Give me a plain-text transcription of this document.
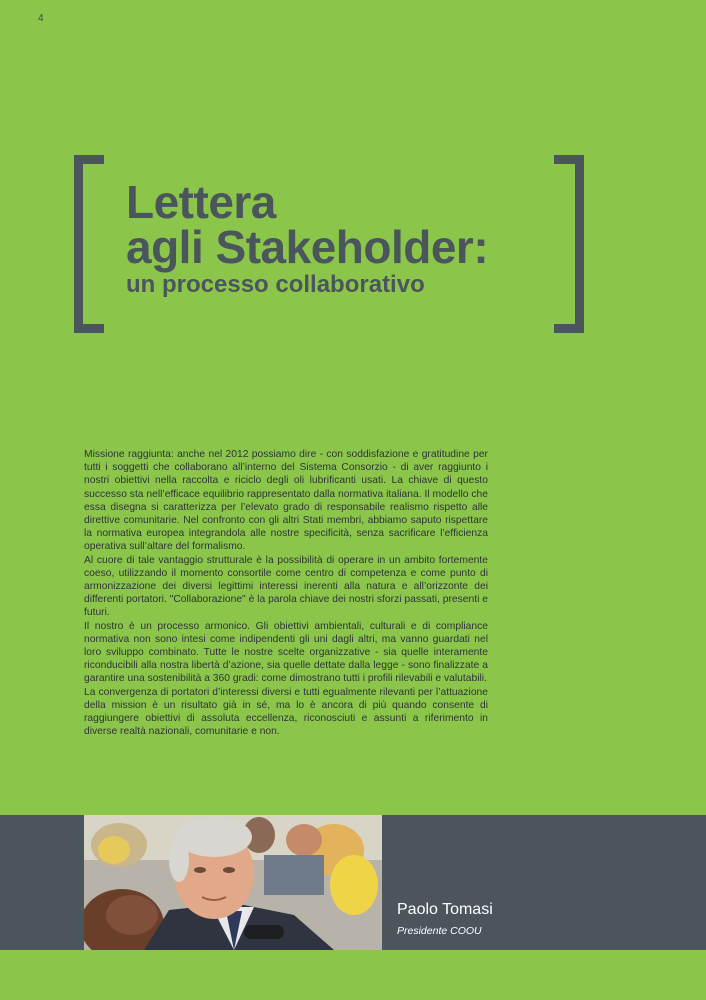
4
Lettera
agli Stakeholder:
un processo collaborativo

Missione raggiunta: anche nel 2012 possiamo dire - con soddisfazione e gratitudine per tutti i soggetti che collaborano all’interno del Sistema Consorzio - di aver raggiunto i nostri obiettivi nella raccolta e riciclo degli oli lubrificanti usati. La chiave di questo successo sta nell’efficace equilibrio rappresentato dalla normativa italiana. Il modello che essa disegna si caratterizza per l’elevato grado di responsabile realismo rispetto alle direttive comunitarie. Nel confronto con gli altri Stati membri, abbiamo saputo rispettare la normativa europea integrandola alle nostre specificità, senza sacrificare l’efficienza operativa sull’altare del formalismo.

Al cuore di tale vantaggio strutturale è la possibilità di operare in un ambito fortemente coeso, utilizzando il momento consortile come centro di competenza e come punto di armonizzazione dei diversi legittimi interessi inerenti alla natura e all’orizzonte dei differenti portatori. "Collaborazione" è la parola chiave dei nostri sforzi passati, presenti e futuri.

Il nostro è un processo armonico. Gli obiettivi ambientali, culturali e di compliance normativa non sono intesi come indipendenti gli uni dagli altri, ma vanno guardati nel loro sviluppo combinato. Tutte le nostre scelte organizzative - sia quelle interamente riconducibili alla nostra libertà d’azione, sia quelle dettate dalla legge - sono finalizzate a garantire una sostenibilità a 360 gradi: come dimostrano tutti i profili rilevabili e valutabili.

La convergenza di portatori d’interessi diversi e tutti egualmente rilevanti per l’attuazione della mission è un risultato già in sé, ma lo è ancora di più quando consente di raggiungere obiettivi di assoluta eccellenza, riconosciuti e assunti a riferimento in diverse realtà nazionali, comunitarie e non.

Paolo Tomasi
Presidente COOU
